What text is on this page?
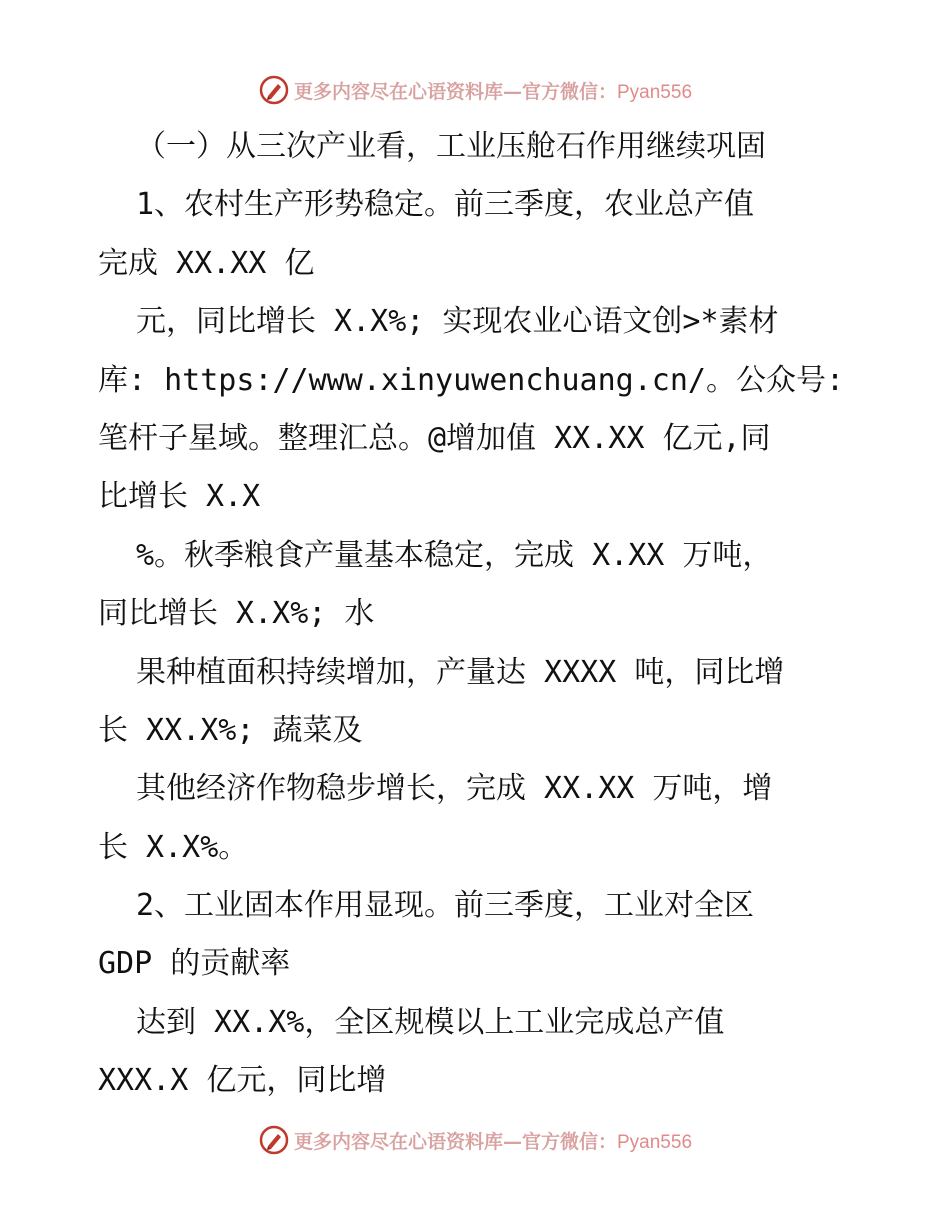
更多内容尽在心语资料库—官方微信：Pyan556
（一）从三次产业看，工业压舱石作用继续巩固
1、农村生产形势稳定。前三季度，农业总产值
完成 XX.XX 亿
元，同比增长 X.X%; 实现农业心语文创>*素材
库: https://www.xinyuwenchuang.cn/。公众号:
笔杆子星域。整理汇总。@增加值 XX.XX 亿元,同
比增长 X.X
%。秋季粮食产量基本稳定，完成 X.XX 万吨，
同比增长 X.X%; 水
果种植面积持续增加，产量达 XXXX 吨，同比增
长 XX.X%; 蔬菜及
其他经济作物稳步增长，完成 XX.XX 万吨，增
长 X.X%。
2、工业固本作用显现。前三季度，工业对全区
GDP 的贡献率
达到 XX.X%，全区规模以上工业完成总产值
XXX.X 亿元，同比增
更多内容尽在心语资料库—官方微信：Pyan556
